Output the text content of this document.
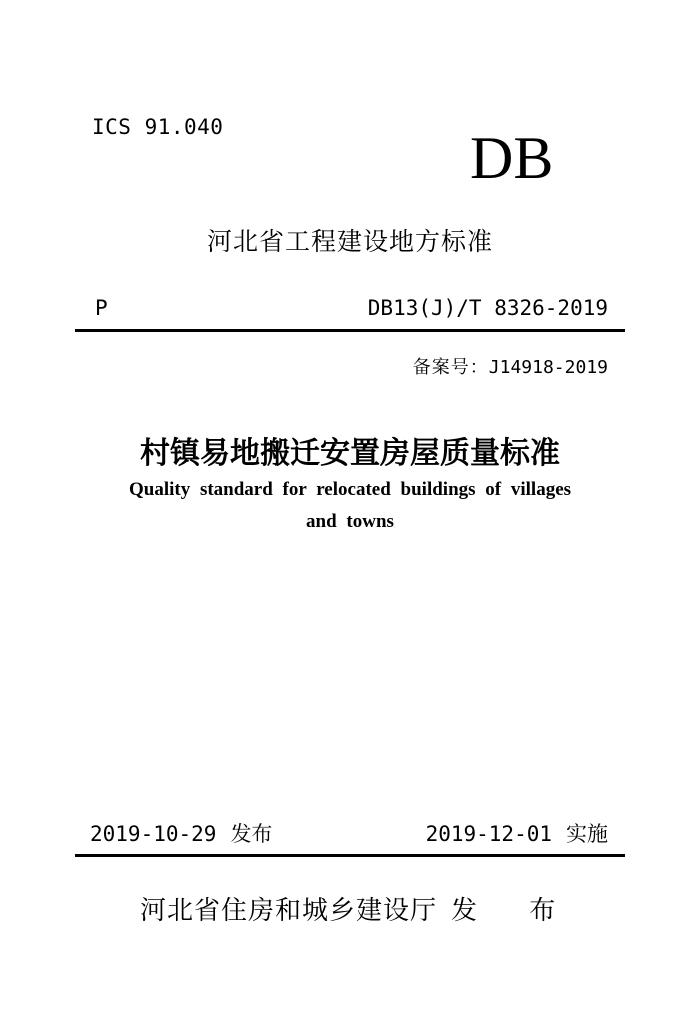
ICS 91.040	DB
河北省工程建设地方标准
P	DB13(J)/T 8326-2019
备案号：J14918-2019
村镇易地搬迁安置房屋质量标准
Quality standard for relocated buildings of villages and towns
2019-10-29 发布	2019-12-01 实施
河北省住房和城乡建设厅 发 布
